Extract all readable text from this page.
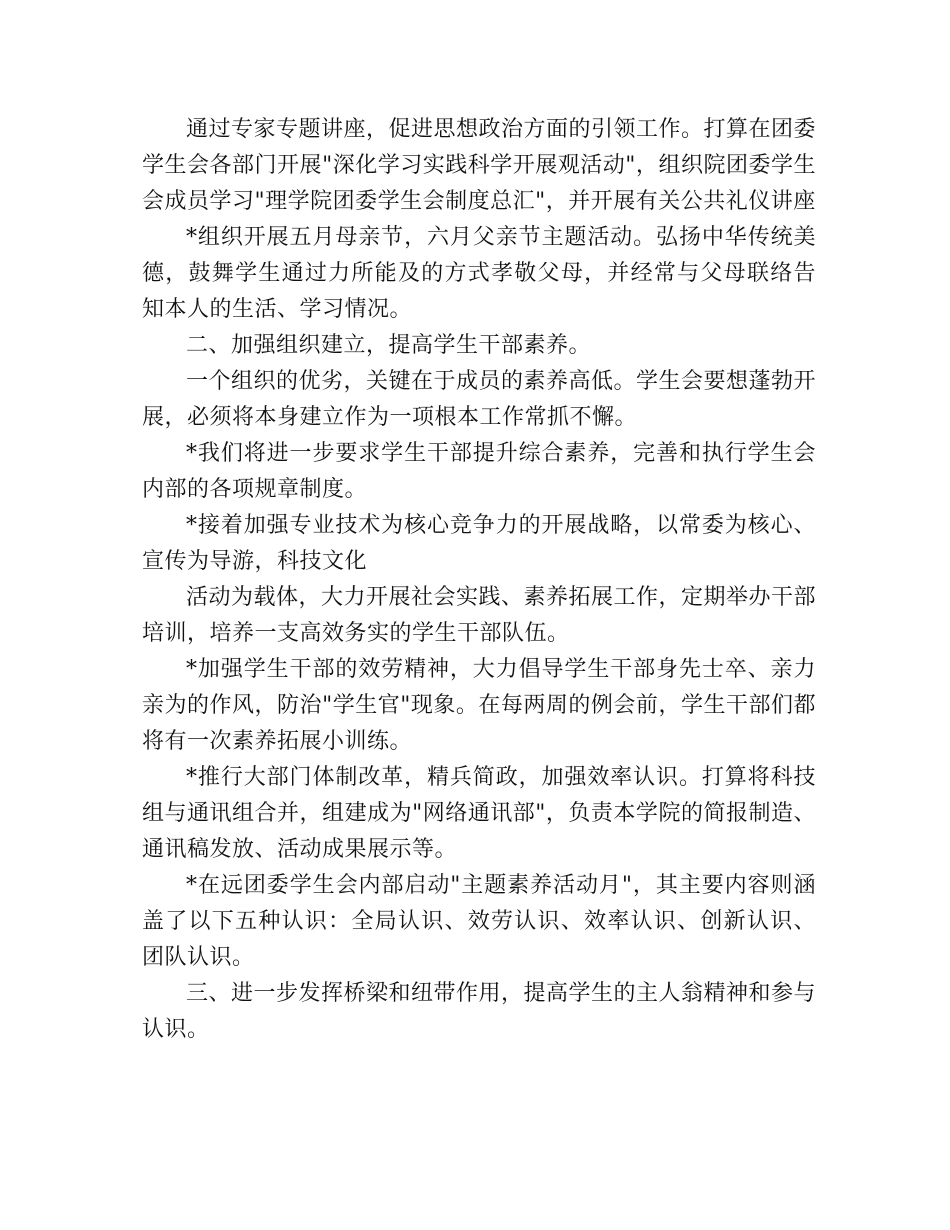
通过专家专题讲座，促进思想政治方面的引领工作。打算在团委学生会各部门开展"深化学习实践科学开展观活动"，组织院团委学生会成员学习"理学院团委学生会制度总汇"，并开展有关公共礼仪讲座

*组织开展五月母亲节，六月父亲节主题活动。弘扬中华传统美德，鼓舞学生通过力所能及的方式孝敬父母，并经常与父母联络告知本人的生活、学习情况。

二、加强组织建立，提高学生干部素养。

一个组织的优劣，关键在于成员的素养高低。学生会要想蓬勃开展，必须将本身建立作为一项根本工作常抓不懈。

*我们将进一步要求学生干部提升综合素养，完善和执行学生会内部的各项规章制度。

*接着加强专业技术为核心竞争力的开展战略，以常委为核心、宣传为导游，科技文化

活动为载体，大力开展社会实践、素养拓展工作，定期举办干部培训，培养一支高效务实的学生干部队伍。

*加强学生干部的效劳精神，大力倡导学生干部身先士卒、亲力亲为的作风，防治"学生官"现象。在每两周的例会前，学生干部们都将有一次素养拓展小训练。

*推行大部门体制改革，精兵简政，加强效率认识。打算将科技组与通讯组合并，组建成为"网络通讯部"，负责本学院的简报制造、通讯稿发放、活动成果展示等。

*在远团委学生会内部启动"主题素养活动月"，其主要内容则涵盖了以下五种认识：全局认识、效劳认识、效率认识、创新认识、团队认识。

三、进一步发挥桥梁和纽带作用，提高学生的主人翁精神和参与认识。
